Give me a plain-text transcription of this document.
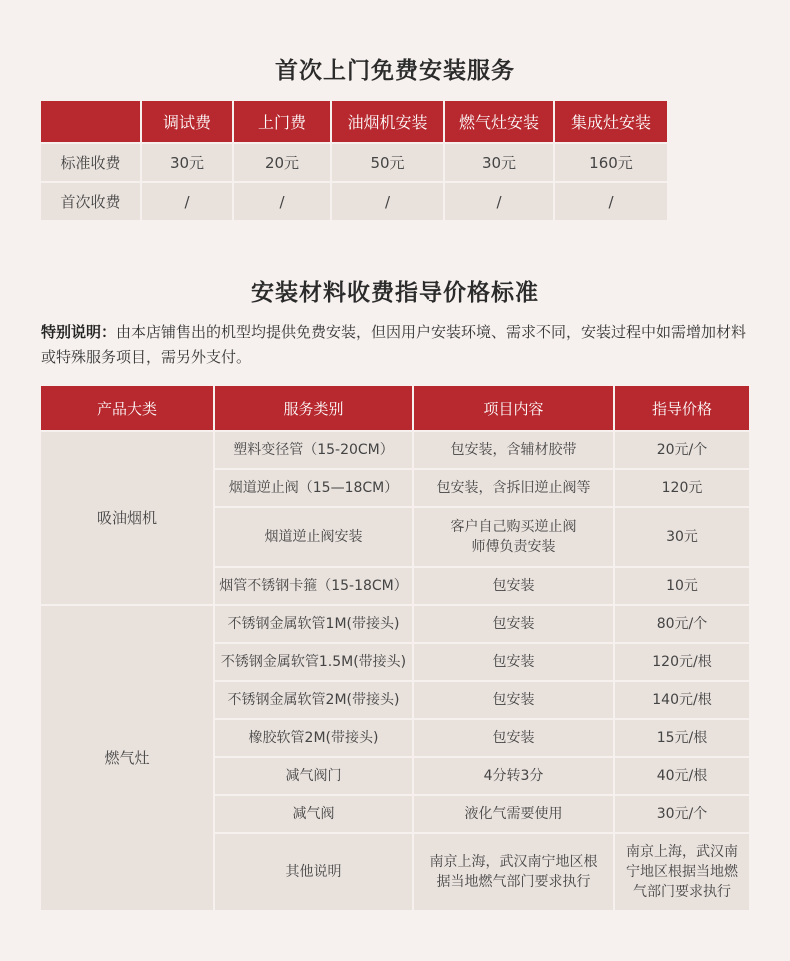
首次上门免费安装服务
	调试费	上门费	油烟机安装	燃气灶安装	集成灶安装
标准收费	30元	20元	50元	30元	160元
首次收费	/	/	/	/	/
安装材料收费指导价格标准
特别说明：由本店铺售出的机型均提供免费安装，但因用户安装环境、需求不同，安装过程中如需增加材料或特殊服务项目，需另外支付。
产品大类	服务类别	项目内容	指导价格
吸油烟机	塑料变径管（15-20CM）	包安装，含辅材胶带	20元/个
	烟道逆止阀（15—18CM）	包安装，含拆旧逆止阀等	120元
	烟道逆止阀安装	客户自己购买逆止阀
师傅负责安装	30元
	烟管不锈钢卡箍（15-18CM）	包安装	10元
燃气灶	不锈钢金属软管1M(带接头)	包安装	80元/个
	不锈钢金属软管1.5M(带接头)	包安装	120元/根
	不锈钢金属软管2M(带接头)	包安装	140元/根
	橡胶软管2M(带接头)	包安装	15元/根
	减气阀门	4分转3分	40元/根
	减气阀	液化气需要使用	30元/个
	其他说明	南京上海，武汉南宁地区根据当地燃气部门要求执行	南京上海，武汉南宁地区根据当地燃气部门要求执行
